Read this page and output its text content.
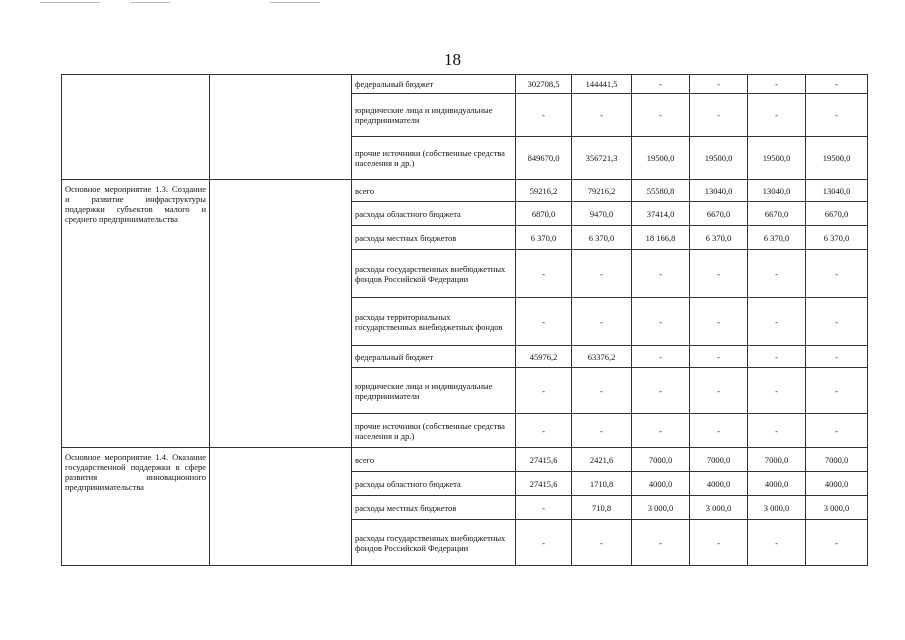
18
		федеральный бюджет	302708,5	144441,5	-	-	-	-
		юридические лица и индивидуальные предприниматели	-	-	-	-	-	-
		прочие источники (собственные средства населения и др.)	849670,0	356721,3	19500,0	19500,0	19500,0	19500,0
Основное мероприятие 1.3. Создание и развитие инфраструктуры поддержки субъектов малого и среднего предпринимательства		всего	59216,2	79216,2	55580,8	13040,0	13040,0	13040,0
		расходы областного бюджета	6870,0	9470,0	37414,0	6670,0	6670,0	6670,0
		расходы местных бюджетов	6 370,0	6 370,0	18 166,8	6 370,0	6 370,0	6 370,0
		расходы государственных внебюджетных фондов Российской Федерации	-	-	-	-	-	-
		расходы территориальных государственных внебюджетных фондов	-	-	-	-	-	-
		федеральный бюджет	45976,2	63376,2	-	-	-	-
		юридические лица и индивидуальные предприниматели	-	-	-	-	-	-
		прочие источники (собственные средства населения и др.)	-	-	-	-	-	-
Основное мероприятие 1.4. Оказание государственной поддержки в сфере развития инновационного предпринимательства		всего	27415,6	2421,6	7000,0	7000,0	7000,0	7000,0
		расходы областного бюджета	27415,6	1710,8	4000,0	4000,0	4000,0	4000,0
		расходы местных бюджетов	-	710,8	3 000,0	3 000,0	3 000,0	3 000,0
		расходы государственных внебюджетных фондов Российской Федерации	-	-	-	-	-	-
